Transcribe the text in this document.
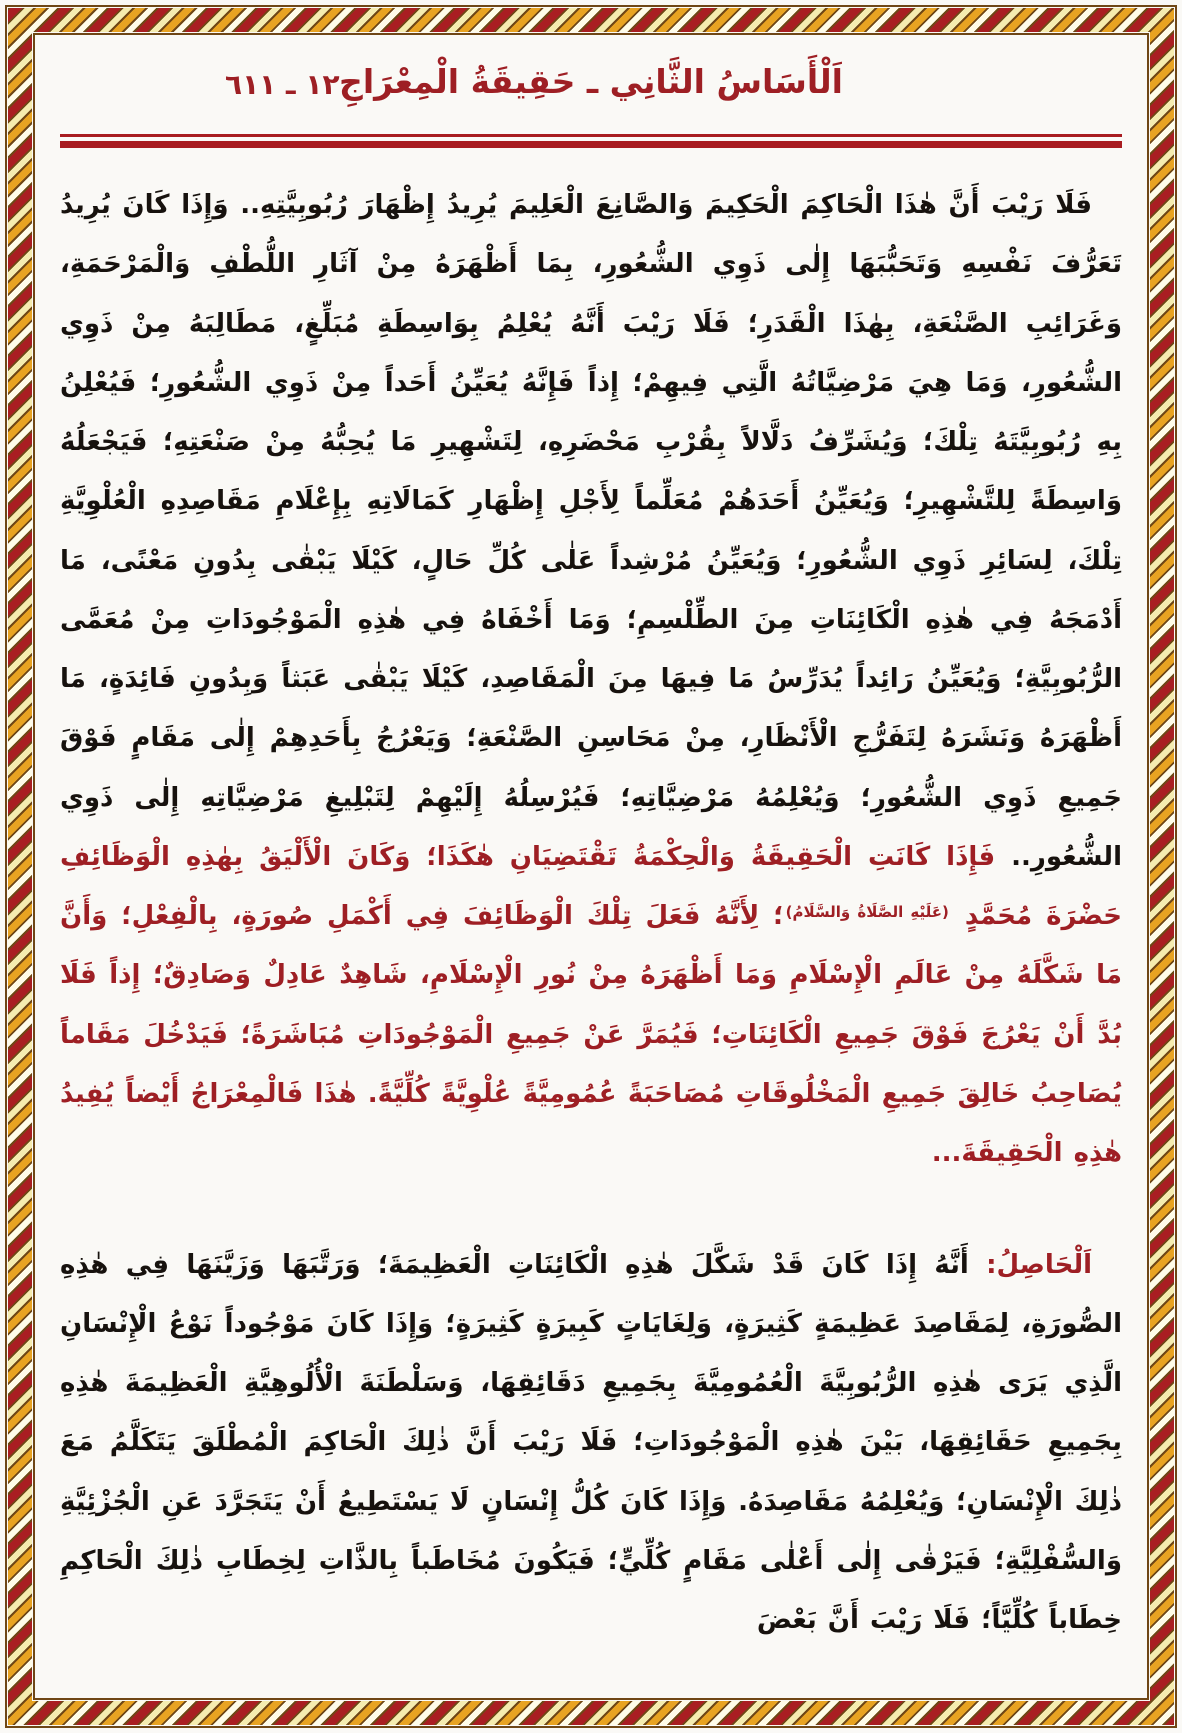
١٢ ـ ٦١١ اَلْأَسَاسُ الثَّانِي ـ حَقِيقَةُ الْمِعْرَاجِ

فَلَا رَيْبَ أَنَّ هٰذَا الْحَاكِمَ الْحَكِيمَ وَالصَّانِعَ الْعَلِيمَ يُرِيدُ إِظْهَارَ رُبُوبِيَّتِهِ.. وَإِذَا كَانَ يُرِيدُ تَعَرُّفَ نَفْسِهِ وَتَحَبُّبَهَا إِلٰى ذَوِي الشُّعُورِ، بِمَا أَظْهَرَهُ مِنْ آثَارِ اللُّطْفِ وَالْمَرْحَمَةِ، وَغَرَائِبِ الصَّنْعَةِ، بِهٰذَا الْقَدَرِ؛ فَلَا رَيْبَ أَنَّهُ يُعْلِمُ بِوَاسِطَةِ مُبَلِّغٍ، مَطَالِبَهُ مِنْ ذَوِي الشُّعُورِ، وَمَا هِيَ مَرْضِيَّاتُهُ الَّتِي فِيهِمْ؛ إِذاً فَإِنَّهُ يُعَيِّنُ أَحَداً مِنْ ذَوِي الشُّعُورِ؛ فَيُعْلِنُ بِهِ رُبُوبِيَّتَهُ تِلْكَ؛ وَيُشَرِّفُ دَلَّالاً بِقُرْبِ مَحْضَرِهِ، لِتَشْهِيرِ مَا يُحِبُّهُ مِنْ صَنْعَتِهِ؛ فَيَجْعَلُهُ وَاسِطَةً لِلتَّشْهِيرِ؛ وَيُعَيِّنُ أَحَدَهُمْ مُعَلِّماً لِأَجْلِ إِظْهَارِ كَمَالَاتِهِ بِإِعْلَامِ مَقَاصِدِهِ الْعُلْوِيَّةِ تِلْكَ، لِسَائِرِ ذَوِي الشُّعُورِ؛ وَيُعَيِّنُ مُرْشِداً عَلٰى كُلِّ حَالٍ، كَيْلَا يَبْقٰى بِدُونِ مَعْنًى، مَا أَدْمَجَهُ فِي هٰذِهِ الْكَائِنَاتِ مِنَ الطِّلْسِمِ؛ وَمَا أَخْفَاهُ فِي هٰذِهِ الْمَوْجُودَاتِ مِنْ مُعَمَّى الرُّبُوبِيَّةِ؛ وَيُعَيِّنُ رَائِداً يُدَرِّسُ مَا فِيهَا مِنَ الْمَقَاصِدِ، كَيْلَا يَبْقٰى عَبَثاً وَبِدُونِ فَائِدَةٍ، مَا أَظْهَرَهُ وَنَشَرَهُ لِتَفَرُّجِ الْأَنْظَارِ، مِنْ مَحَاسِنِ الصَّنْعَةِ؛ وَيَعْرُجُ بِأَحَدِهِمْ إِلٰى مَقَامٍ فَوْقَ جَمِيعِ ذَوِي الشُّعُورِ؛ وَيُعْلِمُهُ مَرْضِيَّاتِهِ؛ فَيُرْسِلُهُ إِلَيْهِمْ لِتَبْلِيغِ مَرْضِيَّاتِهِ إِلٰى ذَوِي الشُّعُورِ.. فَإِذَا كَانَتِ الْحَقِيقَةُ وَالْحِكْمَةُ تَقْتَضِيَانِ هٰكَذَا؛ وَكَانَ الْأَلْيَقُ بِهٰذِهِ الْوَظَائِفِ حَضْرَةَ مُحَمَّدٍ (عَلَيْهِ الصَّلَاةُ وَالسَّلَامُ)؛ لِأَنَّهُ فَعَلَ تِلْكَ الْوَظَائِفَ فِي أَكْمَلِ صُورَةٍ، بِالْفِعْلِ؛ وَأَنَّ مَا شَكَّلَهُ مِنْ عَالَمِ الْإِسْلَامِ وَمَا أَظْهَرَهُ مِنْ نُورِ الْإِسْلَامِ، شَاهِدٌ عَادِلٌ وَصَادِقٌ؛ إِذاً فَلَا بُدَّ أَنْ يَعْرُجَ فَوْقَ جَمِيعِ الْكَائِنَاتِ؛ فَيُمَرَّ عَنْ جَمِيعِ الْمَوْجُودَاتِ مُبَاشَرَةً؛ فَيَدْخُلَ مَقَاماً يُصَاحِبُ خَالِقَ جَمِيعِ الْمَخْلُوقَاتِ مُصَاحَبَةً عُمُومِيَّةً عُلْوِيَّةً كُلِّيَّةً. هٰذَا فَالْمِعْرَاجُ أَيْضاً يُفِيدُ هٰذِهِ الْحَقِيقَةَ...

اَلْحَاصِلُ: أَنَّهُ إِذَا كَانَ قَدْ شَكَّلَ هٰذِهِ الْكَائِنَاتِ الْعَظِيمَةَ؛ وَرَتَّبَهَا وَزَيَّنَهَا فِي هٰذِهِ الصُّورَةِ، لِمَقَاصِدَ عَظِيمَةٍ كَثِيرَةٍ، وَلِغَايَاتٍ كَبِيرَةٍ كَثِيرَةٍ؛ وَإِذَا كَانَ مَوْجُوداً نَوْعُ الْإِنْسَانِ الَّذِي يَرَى هٰذِهِ الرُّبُوبِيَّةَ الْعُمُومِيَّةَ بِجَمِيعِ دَقَائِقِهَا، وَسَلْطَنَةَ الْأُلُوهِيَّةِ الْعَظِيمَةَ هٰذِهِ بِجَمِيعِ حَقَائِقِهَا، بَيْنَ هٰذِهِ الْمَوْجُودَاتِ؛ فَلَا رَيْبَ أَنَّ ذٰلِكَ الْحَاكِمَ الْمُطْلَقَ يَتَكَلَّمُ مَعَ ذٰلِكَ الْإِنْسَانِ؛ وَيُعْلِمُهُ مَقَاصِدَهُ. وَإِذَا كَانَ كُلُّ إِنْسَانٍ لَا يَسْتَطِيعُ أَنْ يَتَجَرَّدَ عَنِ الْجُزْئِيَّةِ وَالسُّفْلِيَّةِ؛ فَيَرْقٰى إِلٰى أَعْلٰى مَقَامٍ كُلِّيٍّ؛ فَيَكُونَ مُخَاطَباً بِالذَّاتِ لِخِطَابِ ذٰلِكَ الْحَاكِمِ خِطَاباً كُلِّيَّاً؛ فَلَا رَيْبَ أَنَّ بَعْضَ
